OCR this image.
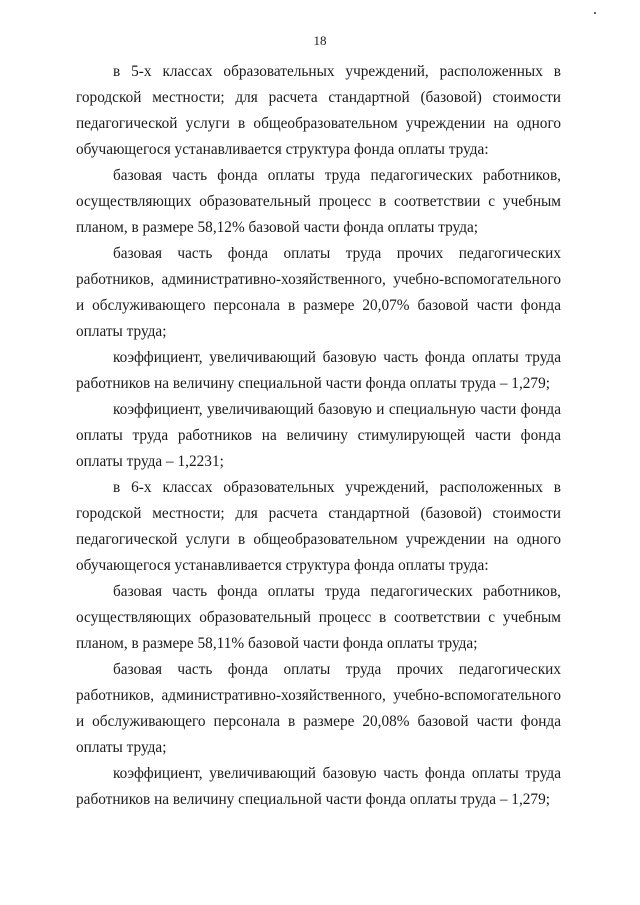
18

в 5-х классах образовательных учреждений, расположенных в городской местности; для расчета стандартной (базовой) стоимости педагогической услуги в общеобразовательном учреждении на одного обучающегося устанавливается структура фонда оплаты труда:

базовая часть фонда оплаты труда педагогических работников, осуществляющих образовательный процесс в соответствии с учебным планом, в размере 58,12% базовой части фонда оплаты труда;

базовая часть фонда оплаты труда прочих педагогических работников, административно-хозяйственного, учебно-вспомогательного и обслуживающего персонала в размере 20,07% базовой части фонда оплаты труда;

коэффициент, увеличивающий базовую часть фонда оплаты труда работников на величину специальной части фонда оплаты труда – 1,279;

коэффициент, увеличивающий базовую и специальную части фонда оплаты труда работников на величину стимулирующей части фонда оплаты труда – 1,2231;

в 6-х классах образовательных учреждений, расположенных в городской местности; для расчета стандартной (базовой) стоимости педагогической услуги в общеобразовательном учреждении на одного обучающегося устанавливается структура фонда оплаты труда:

базовая часть фонда оплаты труда педагогических работников, осуществляющих образовательный процесс в соответствии с учебным планом, в размере 58,11% базовой части фонда оплаты труда;

базовая часть фонда оплаты труда прочих педагогических работников, административно-хозяйственного, учебно-вспомогательного и обслуживающего персонала в размере 20,08% базовой части фонда оплаты труда;

коэффициент, увеличивающий базовую часть фонда оплаты труда работников на величину специальной части фонда оплаты труда – 1,279;
